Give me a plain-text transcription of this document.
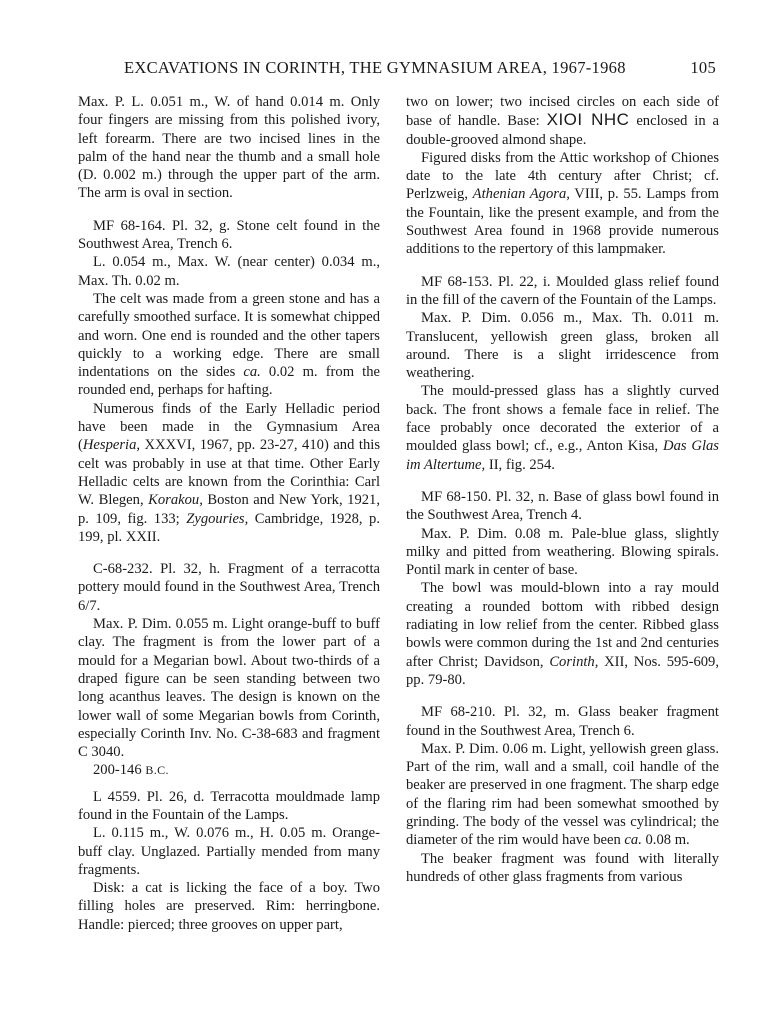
EXCAVATIONS IN CORINTH, THE GYMNASIUM AREA, 1967-1968	105

Max. P. L. 0.051 m., W. of hand 0.014 m. Only four fingers are missing from this polished ivory, left forearm. There are two incised lines in the palm of the hand near the thumb and a small hole (D. 0.002 m.) through the upper part of the arm. The arm is oval in section.

MF 68-164. Pl. 32, g. Stone celt found in the Southwest Area, Trench 6.

L. 0.054 m., Max. W. (near center) 0.034 m., Max. Th. 0.02 m.

The celt was made from a green stone and has a carefully smoothed surface. It is somewhat chipped and worn. One end is rounded and the other tapers quickly to a working edge. There are small indentations on the sides ca. 0.02 m. from the rounded end, perhaps for hafting.

Numerous finds of the Early Helladic period have been made in the Gymnasium Area (Hesperia, XXXVI, 1967, pp. 23-27, 410) and this celt was probably in use at that time. Other Early Helladic celts are known from the Corinthia: Carl W. Blegen, Korakou, Boston and New York, 1921, p. 109, fig. 133; Zygouries, Cambridge, 1928, p. 199, pl. XXII.

C-68-232. Pl. 32, h. Fragment of a terracotta pottery mould found in the Southwest Area, Trench 6/7.

Max. P. Dim. 0.055 m. Light orange-buff to buff clay. The fragment is from the lower part of a mould for a Megarian bowl. About two-thirds of a draped figure can be seen standing between two long acanthus leaves. The design is known on the lower wall of some Megarian bowls from Corinth, especially Corinth Inv. No. C-38-683 and fragment C 3040.

200-146 B.C.

L 4559. Pl. 26, d. Terracotta mouldmade lamp found in the Fountain of the Lamps.

L. 0.115 m., W. 0.076 m., H. 0.05 m. Orange-buff clay. Unglazed. Partially mended from many fragments.

Disk: a cat is licking the face of a boy. Two filling holes are preserved. Rim: herringbone. Handle: pierced; three grooves on upper part,

two on lower; two incised circles on each side of base of handle. Base: ΧΙΟΙ ΝΗC enclosed in a double-grooved almond shape.

Figured disks from the Attic workshop of Chiones date to the late 4th century after Christ; cf. Perlzweig, Athenian Agora, VIII, p. 55. Lamps from the Fountain, like the present example, and from the Southwest Area found in 1968 provide numerous additions to the repertory of this lampmaker.

MF 68-153. Pl. 22, i. Moulded glass relief found in the fill of the cavern of the Fountain of the Lamps.

Max. P. Dim. 0.056 m., Max. Th. 0.011 m. Translucent, yellowish green glass, broken all around. There is a slight irridescence from weathering.

The mould-pressed glass has a slightly curved back. The front shows a female face in relief. The face probably once decorated the exterior of a moulded glass bowl; cf., e.g., Anton Kisa, Das Glas im Altertume, II, fig. 254.

MF 68-150. Pl. 32, n. Base of glass bowl found in the Southwest Area, Trench 4.

Max. P. Dim. 0.08 m. Pale-blue glass, slightly milky and pitted from weathering. Blowing spirals. Pontil mark in center of base.

The bowl was mould-blown into a ray mould creating a rounded bottom with ribbed design radiating in low relief from the center. Ribbed glass bowls were common during the 1st and 2nd centuries after Christ; Davidson, Corinth, XII, Nos. 595-609, pp. 79-80.

MF 68-210. Pl. 32, m. Glass beaker fragment found in the Southwest Area, Trench 6.

Max. P. Dim. 0.06 m. Light, yellowish green glass. Part of the rim, wall and a small, coil handle of the beaker are preserved in one fragment. The sharp edge of the flaring rim had been somewhat smoothed by grinding. The body of the vessel was cylindrical; the diameter of the rim would have been ca. 0.08 m.

The beaker fragment was found with literally hundreds of other glass fragments from various
